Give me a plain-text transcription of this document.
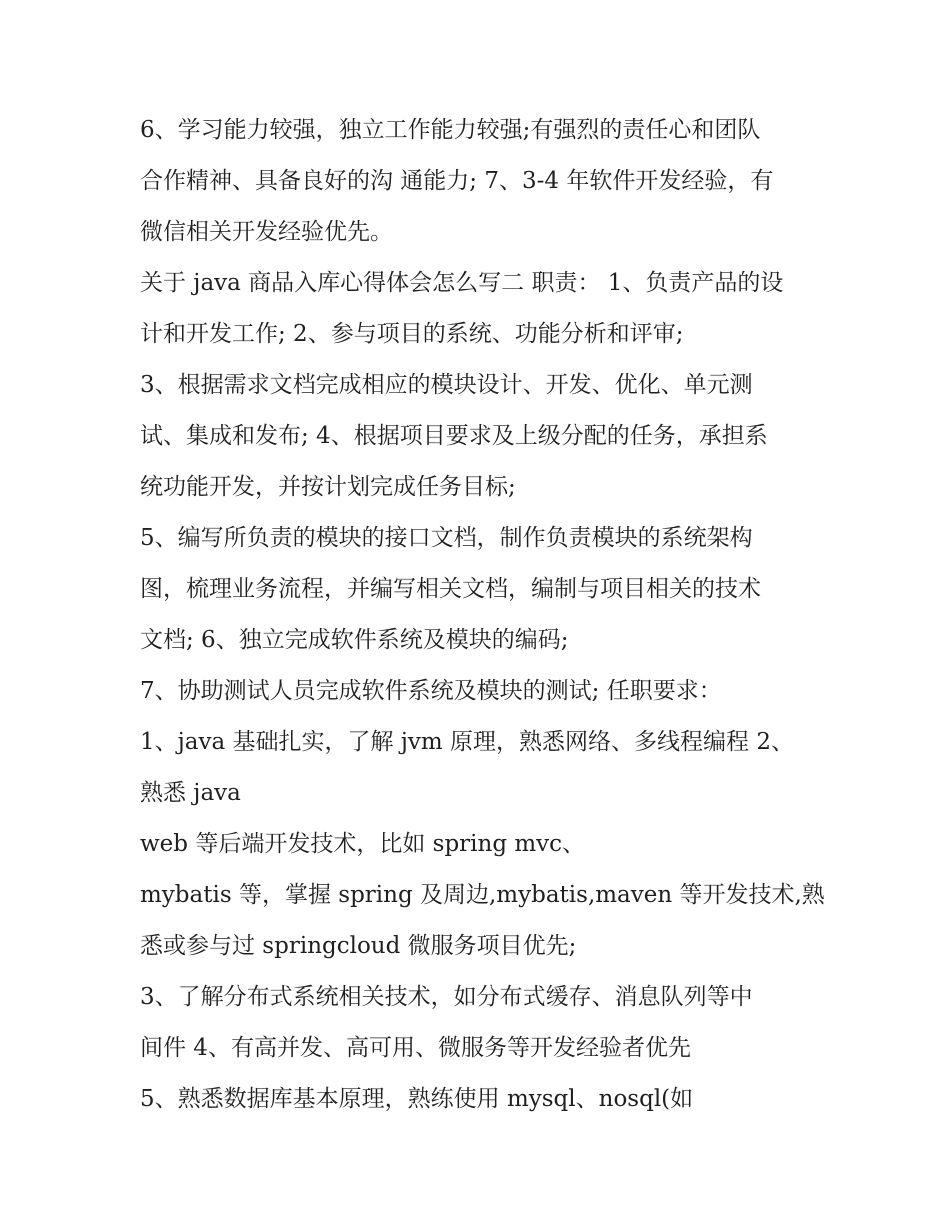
6、学习能力较强，独立工作能力较强;有强烈的责任心和团队
合作精神、具备良好的沟 通能力; 7、3-4 年软件开发经验，有
微信相关开发经验优先。
关于 java 商品入库心得体会怎么写二 职责： 1、负责产品的设
计和开发工作; 2、参与项目的系统、功能分析和评审;
3、根据需求文档完成相应的模块设计、开发、优化、单元测
试、集成和发布; 4、根据项目要求及上级分配的任务，承担系
统功能开发，并按计划完成任务目标;
5、编写所负责的模块的接口文档，制作负责模块的系统架构
图，梳理业务流程，并编写相关文档，编制与项目相关的技术
文档; 6、独立完成软件系统及模块的编码;
7、协助测试人员完成软件系统及模块的测试; 任职要求：
1、java 基础扎实，了解 jvm 原理，熟悉网络、多线程编程 2、
熟悉 java
web 等后端开发技术，比如 spring mvc、
mybatis 等，掌握 spring 及周边,mybatis,maven 等开发技术,熟
悉或参与过 springcloud 微服务项目优先;
3、了解分布式系统相关技术，如分布式缓存、消息队列等中
间件 4、有高并发、高可用、微服务等开发经验者优先
5、熟悉数据库基本原理，熟练使用 mysql、nosql(如
